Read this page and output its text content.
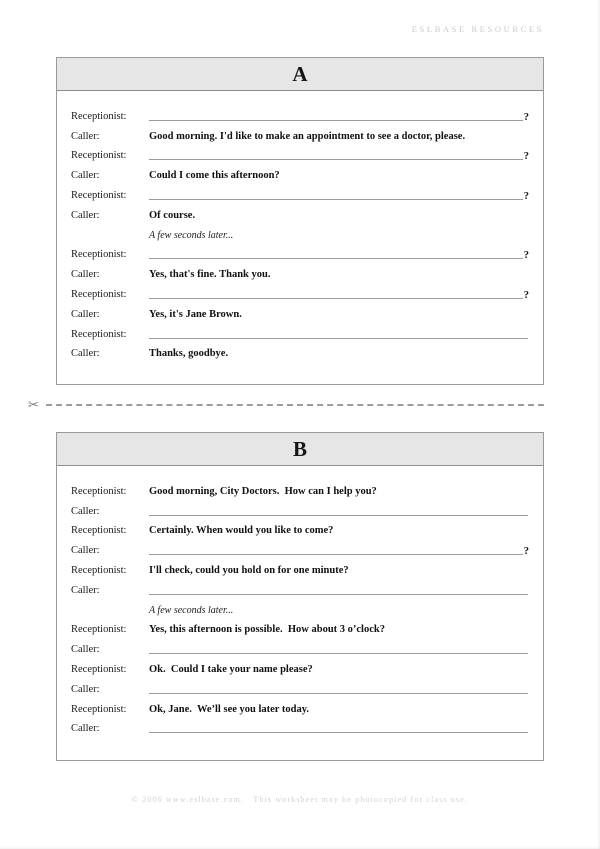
ESLBASE RESOURCES
A
Receptionist:	?
Caller:	Good morning. I'd like to make an appointment to see a doctor, please.
Receptionist:	?
Caller:	Could I come this afternoon?
Receptionist:	?
Caller:	Of course.
A few seconds later...
Receptionist:	?
Caller:	Yes, that's fine. Thank you.
Receptionist:	?
Caller:	Yes, it's Jane Brown.
Receptionist:
Caller:	Thanks, goodbye.
✂
B
Receptionist:	Good morning, City Doctors.  How can I help you?
Caller:
Receptionist:	Certainly. When would you like to come?
Caller:	?
Receptionist:	I'll check, could you hold on for one minute?
Caller:
A few seconds later...
Receptionist:	Yes, this afternoon is possible.  How about 3 o’clock?
Caller:
Receptionist:	Ok.  Could I take your name please?
Caller:
Receptionist:	Ok, Jane.  We’ll see you later today.
Caller:
© 2006 www.eslbase.com.   This worksheet may be photocopied for class use.
